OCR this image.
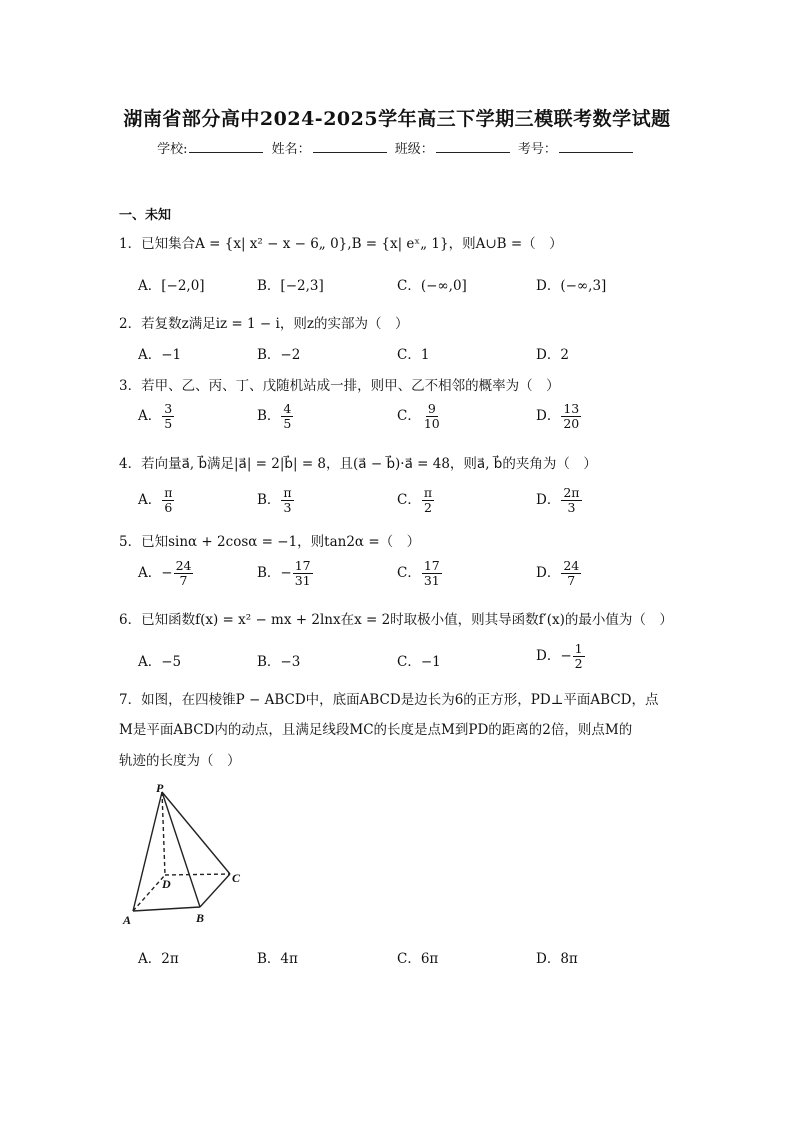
湖南省部分高中2024-2025学年高三下学期三模联考数学试题
学校:	姓名：	班级：	考号：
一、未知
1．已知集合A = {x| x² − x − 6„ 0},B = {x| eˣ„ 1}，则A∪B =（　）
A．[−2,0]	B．[−2,3]	C．(−∞,0]	D．(−∞,3]
2．若复数z满足iz = 1 − i，则z的实部为（　）
A．−1	B．−2	C．1	D．2
3．若甲、乙、丙、丁、戊随机站成一排，则甲、乙不相邻的概率为（　）
A． $\frac{3}{5}$	B． $\frac{4}{5}$	C． $\frac{9}{10}$	D． $\frac{13}{20}$
4．若向量a⃗, b⃗满足|a⃗| = 2|b⃗| = 8，且(a⃗ − b⃗)·a⃗ = 48，则a⃗, b⃗的夹角为（　）
A． $\frac{\pi}{6}$	B． $\frac{\pi}{3}$	C． $\frac{\pi}{2}$	D． $\frac{2\pi}{3}$
5．已知sinα + 2cosα = −1，则tan2α =（　）
A．− $\frac{24}{7}$	B．− $\frac{17}{31}$	C． $\frac{17}{31}$	D． $\frac{24}{7}$
6．已知函数f(x) = x² − mx + 2lnx在x = 2时取极小值，则其导函数f′(x)的最小值为（　）
A．−5	B．−3	C．−1	D．− $\frac{1}{2}$
7．如图，在四棱锥P − ABCD中，底面ABCD是边长为6的正方形，PD⊥平面ABCD，点
M是平面ABCD内的动点，且满足线段MC的长度是点M到PD的距离的2倍，则点M的
轨迹的长度为（　）
P
A	B
C
D
A．2π	B．4π	C．6π	D．8π
